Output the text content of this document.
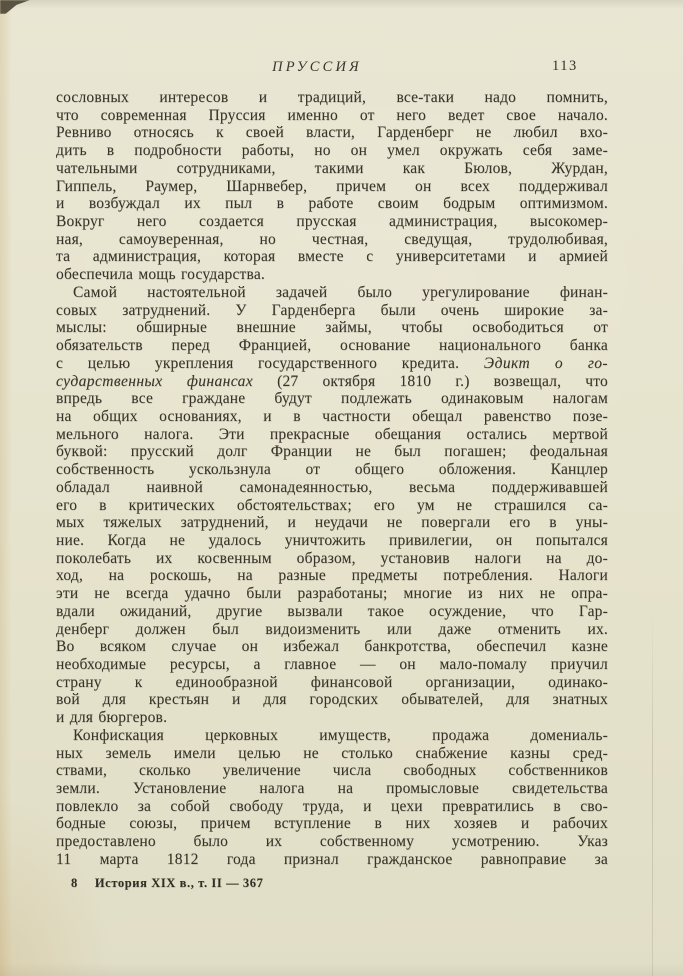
ПРУССИЯ	113
сословных интересов и традиций, все-таки надо помнить,
что современная Пруссия именно от него ведет свое начало.
Ревниво относясь к своей власти, Гарденберг не любил вхо-
дить в подробности работы, но он умел окружать себя заме-
чательными сотрудниками, такими как Бюлов, Журдан,
Гиппель, Раумер, Шарнвебер, причем он всех поддерживал
и возбуждал их пыл в работе своим бодрым оптимизмом.
Вокруг него создается прусская администрация, высокомер-
ная, самоуверенная, но честная, сведущая, трудолюбивая,
та администрация, которая вместе с университетами и армией
обеспечила мощь государства.
Самой настоятельной задачей было урегулирование финан-
совых затруднений. У Гарденберга были очень широкие за-
мыслы: обширные внешние займы, чтобы освободиться от
обязательств перед Францией, основание национального банка
с целью укрепления государственного кредита. Эдикт о го-
сударственных финансах (27 октября 1810 г.) возвещал, что
впредь все граждане будут подлежать одинаковым налогам
на общих основаниях, и в частности обещал равенство позе-
мельного налога. Эти прекрасные обещания остались мертвой
буквой: прусский долг Франции не был погашен; феодальная
собственность ускользнула от общего обложения. Канцлер
обладал наивной самонадеянностью, весьма поддерживавшей
его в критических обстоятельствах; его ум не страшился са-
мых тяжелых затруднений, и неудачи не повергали его в уны-
ние. Когда не удалось уничтожить привилегии, он попытался
поколебать их косвенным образом, установив налоги на до-
ход, на роскошь, на разные предметы потребления. Налоги
эти не всегда удачно были разработаны; многие из них не опра-
вдали ожиданий, другие вызвали такое осуждение, что Гар-
денберг должен был видоизменить или даже отменить их.
Во всяком случае он избежал банкротства, обеспечил казне
необходимые ресурсы, а главное — он мало-помалу приучил
страну к единообразной финансовой организации, одинако-
вой для крестьян и для городских обывателей, для знатных
и для бюргеров.
Конфискация церковных имуществ, продажа домениаль-
ных земель имели целью не столько снабжение казны сред-
ствами, сколько увеличение числа свободных собственников
земли. Установление налога на промысловые свидетельства
повлекло за собой свободу труда, и цехи превратились в сво-
бодные союзы, причем вступление в них хозяев и рабочих
предоставлено было их собственному усмотрению. Указ
11 марта 1812 года признал гражданское равноправие за
8 История XIX в., т. II — 367
